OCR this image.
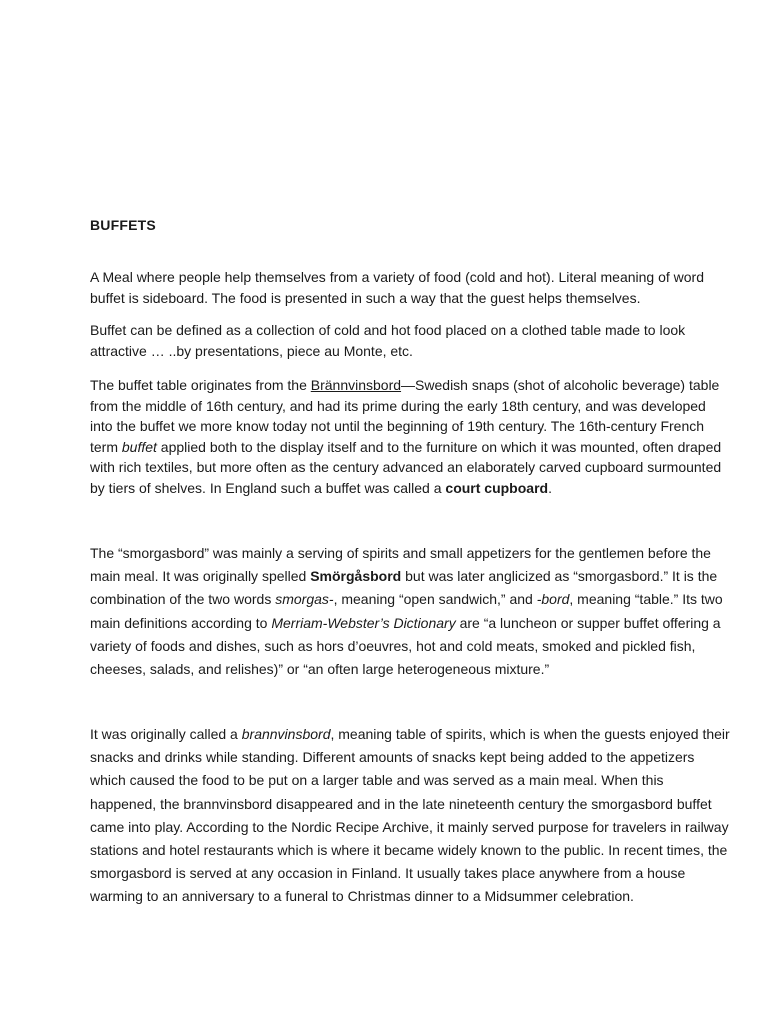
BUFFETS

A Meal where people help themselves from a variety of food (cold and hot). Literal meaning of word buffet is sideboard. The food is presented in such a way that the guest helps themselves.

Buffet can be defined as a collection of cold and hot food placed on a clothed table made to look attractive … ..by presentations, piece au Monte, etc.

The buffet table originates from the Brännvinsbord—Swedish snaps (shot of alcoholic beverage) table from the middle of 16th century, and had its prime during the early 18th century, and was developed into the buffet we more know today not until the beginning of 19th century. The 16th-century French term buffet applied both to the display itself and to the furniture on which it was mounted, often draped with rich textiles, but more often as the century advanced an elaborately carved cupboard surmounted by tiers of shelves. In England such a buffet was called a court cupboard.

The “smorgasbord” was mainly a serving of spirits and small appetizers for the gentlemen before the main meal. It was originally spelled Smörgåsbord but was later anglicized as “smorgasbord.” It is the combination of the two words smorgas-, meaning “open sandwich,” and -bord, meaning “table.” Its two main definitions according to Merriam-Webster’s Dictionary are “a luncheon or supper buffet offering a variety of foods and dishes, such as hors d’oeuvres, hot and cold meats, smoked and pickled fish, cheeses, salads, and relishes)” or “an often large heterogeneous mixture.”

It was originally called a brannvinsbord, meaning table of spirits, which is when the guests enjoyed their snacks and drinks while standing. Different amounts of snacks kept being added to the appetizers which caused the food to be put on a larger table and was served as a main meal. When this happened, the brannvinsbord disappeared and in the late nineteenth century the smorgasbord buffet came into play. According to the Nordic Recipe Archive, it mainly served purpose for travelers in railway stations and hotel restaurants which is where it became widely known to the public. In recent times, the smorgasbord is served at any occasion in Finland. It usually takes place anywhere from a house warming to an anniversary to a funeral to Christmas dinner to a Midsummer celebration.
